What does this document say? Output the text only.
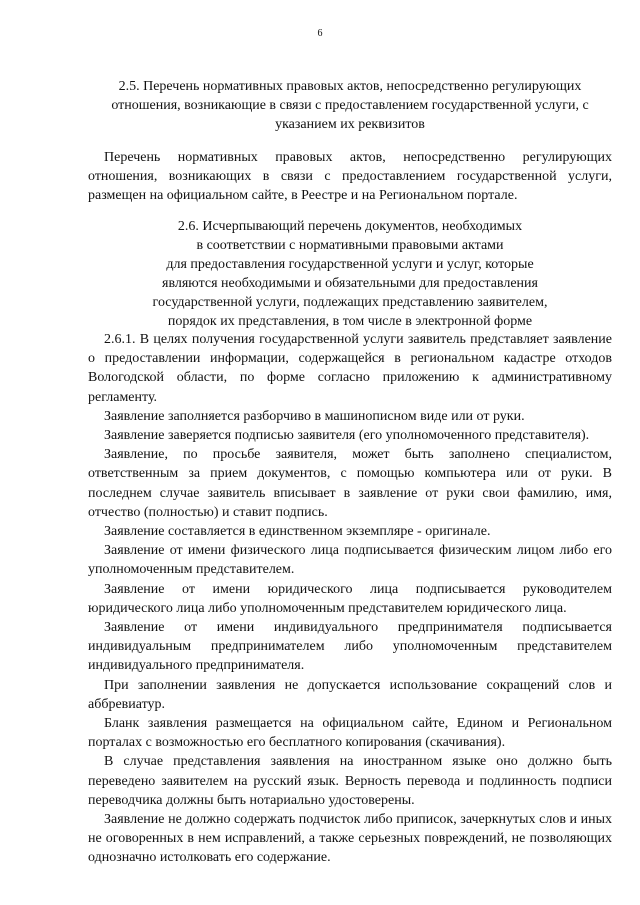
6
2.5. Перечень нормативных правовых актов, непосредственно регулирующих
отношения, возникающие в связи с предоставлением государственной услуги, с
указанием их реквизитов

Перечень нормативных правовых актов, непосредственно регулирующих отношения, возникающих в связи с предоставлением государственной услуги, размещен на официальном сайте, в Реестре и на Региональном портале.

2.6. Исчерпывающий перечень документов, необходимых
в соответствии с нормативными правовыми актами
для предоставления государственной услуги и услуг, которые
являются необходимыми и обязательными для предоставления
государственной услуги, подлежащих представлению заявителем,
порядок их представления, в том числе в электронной форме

2.6.1. В целях получения государственной услуги заявитель представляет заявление о предоставлении информации, содержащейся в региональном кадастре отходов Вологодской области, по форме согласно приложению к административному регламенту.

Заявление заполняется разборчиво в машинописном виде или от руки.

Заявление заверяется подписью заявителя (его уполномоченного представителя).

Заявление, по просьбе заявителя, может быть заполнено специалистом, ответственным за прием документов, с помощью компьютера или от руки. В последнем случае заявитель вписывает в заявление от руки свои фамилию, имя, отчество (полностью) и ставит подпись.

Заявление составляется в единственном экземпляре - оригинале.

Заявление от имени физического лица подписывается физическим лицом либо его уполномоченным представителем.

Заявление от имени юридического лица подписывается руководителем юридического лица либо уполномоченным представителем юридического лица.

Заявление от имени индивидуального предпринимателя подписывается индивидуальным предпринимателем либо уполномоченным представителем индивидуального предпринимателя.

При заполнении заявления не допускается использование сокращений слов и аббревиатур.

Бланк заявления размещается на официальном сайте, Едином и Региональном порталах с возможностью его бесплатного копирования (скачивания).

В случае представления заявления на иностранном языке оно должно быть переведено заявителем на русский язык. Верность перевода и подлинность подписи переводчика должны быть нотариально удостоверены.

Заявление не должно содержать подчисток либо приписок, зачеркнутых слов и иных не оговоренных в нем исправлений, а также серьезных повреждений, не позволяющих однозначно истолковать его содержание.
